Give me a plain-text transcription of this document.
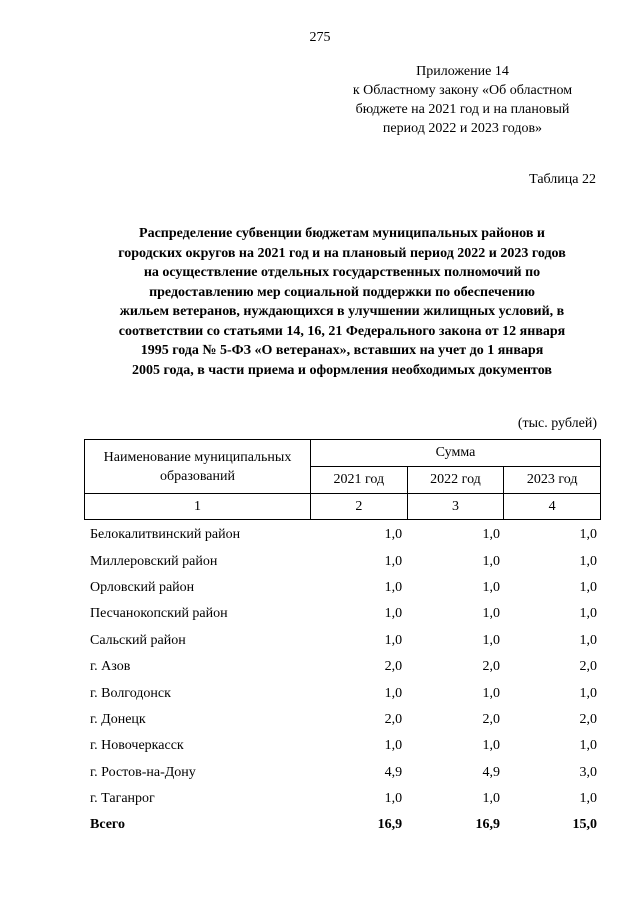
275
Приложение 14
к Областному закону «Об областном
бюджете на 2021 год и на плановый
период 2022 и 2023 годов»
Таблица 22
Распределение субвенции бюджетам муниципальных районов и
городских округов на 2021 год и на плановый период 2022 и 2023 годов
на осуществление отдельных государственных полномочий по
предоставлению мер социальной поддержки по обеспечению
жильем ветеранов, нуждающихся в улучшении жилищных условий, в
соответствии со статьями 14, 16, 21 Федерального закона от 12 января
1995 года № 5-ФЗ «О ветеранах», вставших на учет до 1 января
2005 года, в части приема и оформления необходимых документов
(тыс. рублей)
Наименование муниципальных
образований	Сумма		
	2021 год	2022 год	2023 год
1	2	3	4
Белокалитвинский район	1,0	1,0	1,0
Миллеровский район	1,0	1,0	1,0
Орловский район	1,0	1,0	1,0
Песчанокопский район	1,0	1,0	1,0
Сальский район	1,0	1,0	1,0
г. Азов	2,0	2,0	2,0
г. Волгодонск	1,0	1,0	1,0
г. Донецк	2,0	2,0	2,0
г. Новочеркасск	1,0	1,0	1,0
г. Ростов-на-Дону	4,9	4,9	3,0
г. Таганрог	1,0	1,0	1,0
Всего	16,9	16,9	15,0
